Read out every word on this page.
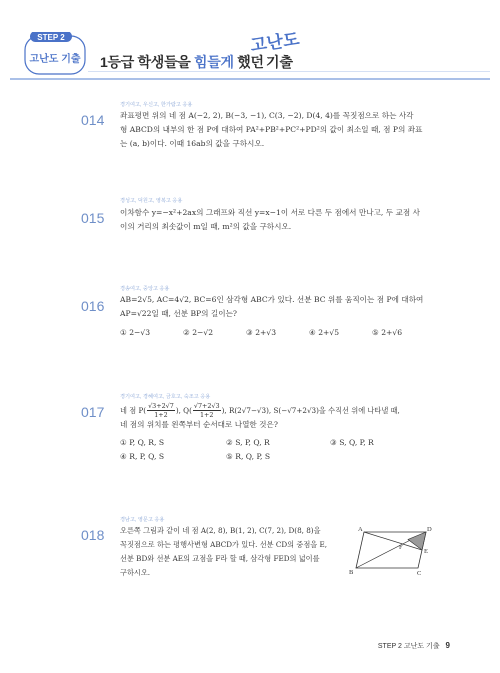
STEP 2
고난도 기출 1등급 학생들을 힘들게 했던
고난도
기출
경기여고, 우신고, 한가람고 응용
014 좌표평면 위의 네 점 A(−2, 2), B(−3, −1), C(3, −2), D(4, 4)를 꼭짓점으로 하는 사각
형 ABCD의 내부의 한 점 P에 대하여 PA²+PB²+PC²+PD²의 값이 최소일 때, 점 P의 좌표
는 (a, b)이다. 이때 16ab의 값을 구하시오.
경성고, 덕원고, 영복고 응용
015 이차함수 y=−x²+2ax의 그래프와 직선 y=x−1이 서로 다른 두 점에서 만나고, 두 교점 사
이의 거리의 최솟값이 m일 때, m²의 값을 구하시오.
경송여고, 중앙고 응용
016 AB=2√5, AC=4√2, BC=6인 삼각형 ABC가 있다. 선분 BC 위를 움직이는 점 P에 대하여
AP=√22일 때, 선분 BP의 길이는?
① 2−√3	② 2−√2	③ 2+√3	④ 2+√5	⑤ 2+√6
경기여고, 경혜여고, 금호고, 숙조고 응용
017 네 점 $P( \frac{√3+2√7}{1+2}$ ), $Q( \frac{√7+2√3}{1+2}$ ), R(2√7−√3), S(−√7+2√3)을 수직선 위에 나타낼 때,
네 점의 위치를 왼쪽부터 순서대로 나열한 것은?
① P, Q, R, S	② S, P, Q, R	③ S, Q, P, R
④ R, P, Q, S	⑤ R, Q, P, S
경남고, 영문고 응용
018 오른쪽 그림과 같이 네 점 A(2, 8), B(1, 2), C(7, 2), D(8, 8)을
꼭짓점으로 하는 평행사변형 ABCD가 있다. 선분 CD의 중점을 E,
선분 BD와 선분 AE의 교점을 F라 할 때, 삼각형 FED의 넓이를
구하시오.
A	D
F
E
B	C
STEP 2 고난도 기출 9
